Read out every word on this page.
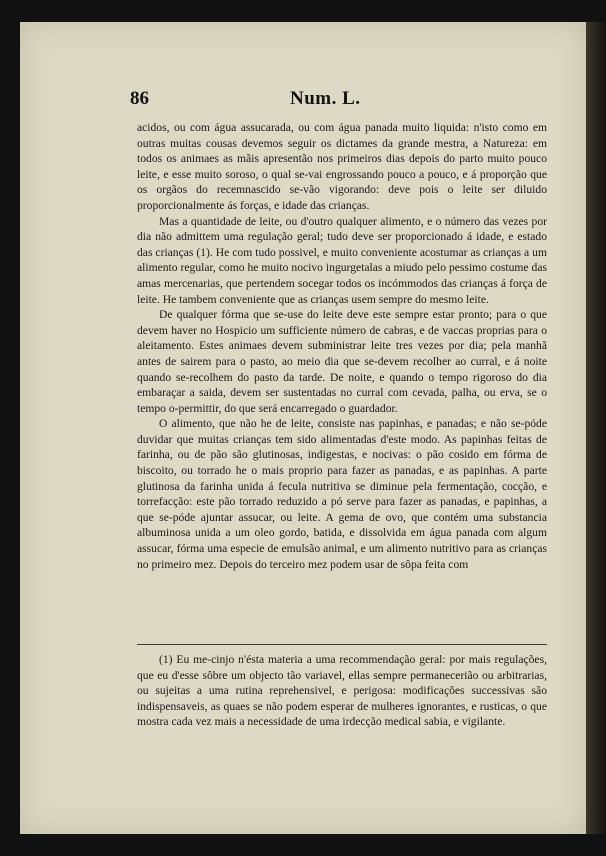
86	Num. L.

acidos, ou com água assucarada, ou com água panada muito liquida: n'isto como em outras muitas cousas devemos seguir os dictames da grande mestra, a Natureza: em todos os animaes as mãis apresentão nos primeiros dias depois do parto muito pouco leite, e esse muito soroso, o qual se-vai engrossando pouco a pouco, e á proporção que os orgãos do recemnascido se-vão vigorando: deve pois o leite ser diluido proporcionalmente ás forças, e idade das crianças.

Mas a quantidade de leite, ou d'outro qualquer alimento, e o número das vezes por dia não admittem uma regulação geral; tudo deve ser proporcionado á idade, e estado das crianças (1). He com tudo possivel, e muito conveniente acostumar as crianças a um alimento regular, como he muito nocivo ingurgetalas a miudo pelo pessimo costume das amas mercenarias, que pertendem socegar todos os incómmodos das crianças á força de leite. He tambem conveniente que as crianças usem sempre do mesmo leite.

De qualquer fórma que se-use do leite deve este sempre estar pronto; para o que devem haver no Hospicio um sufficiente número de cabras, e de vaccas proprias para o aleitamento. Estes animaes devem subministrar leite tres vezes por dia; pela manhã antes de sairem para o pasto, ao meio dia que se-devem recolher ao curral, e á noite quando se-recolhem do pasto da tarde. De noite, e quando o tempo rigoroso do dia embaraçar a saida, devem ser sustentadas no curral com cevada, palha, ou erva, se o tempo o-permittir, do que será encarregado o guardador.

O alimento, que não he de leite, consiste nas papinhas, e panadas; e não se-póde duvidar que muitas crianças tem sido alimentadas d'este modo. As papinhas feitas de farinha, ou de pão são glutinosas, indigestas, e nocivas: o pão cosido em fórma de biscoito, ou torrado he o mais proprio para fazer as panadas, e as papinhas. A parte glutinosa da farinha unida á fecula nutritiva se diminue pela fermentação, cocção, e torrefacção: este pão torrado reduzido a pó serve para fazer as panadas, e papinhas, a que se-póde ajuntar assucar, ou leite. A gema de ovo, que contém uma substancia albuminosa unida a um oleo gordo, batida, e dissolvida em água panada com algum assucar, fórma uma especie de emulsão animal, e um alimento nutritivo para as crianças no primeiro mez. Depois do terceiro mez podem usar de sôpa feita com

(1) Eu me-cinjo n'ésta materia a uma recommendação geral: por mais regulações, que eu d'esse sôbre um objecto tão variavel, ellas sempre permanecerião ou arbitrarias, ou sujeitas a uma rutina reprehensivel, e perigosa: modificações successivas são indispensaveis, as quaes se não podem esperar de mulheres ignorantes, e rusticas, o que mostra cada vez mais a necessidade de uma irdecção medical sabia, e vigilante.
